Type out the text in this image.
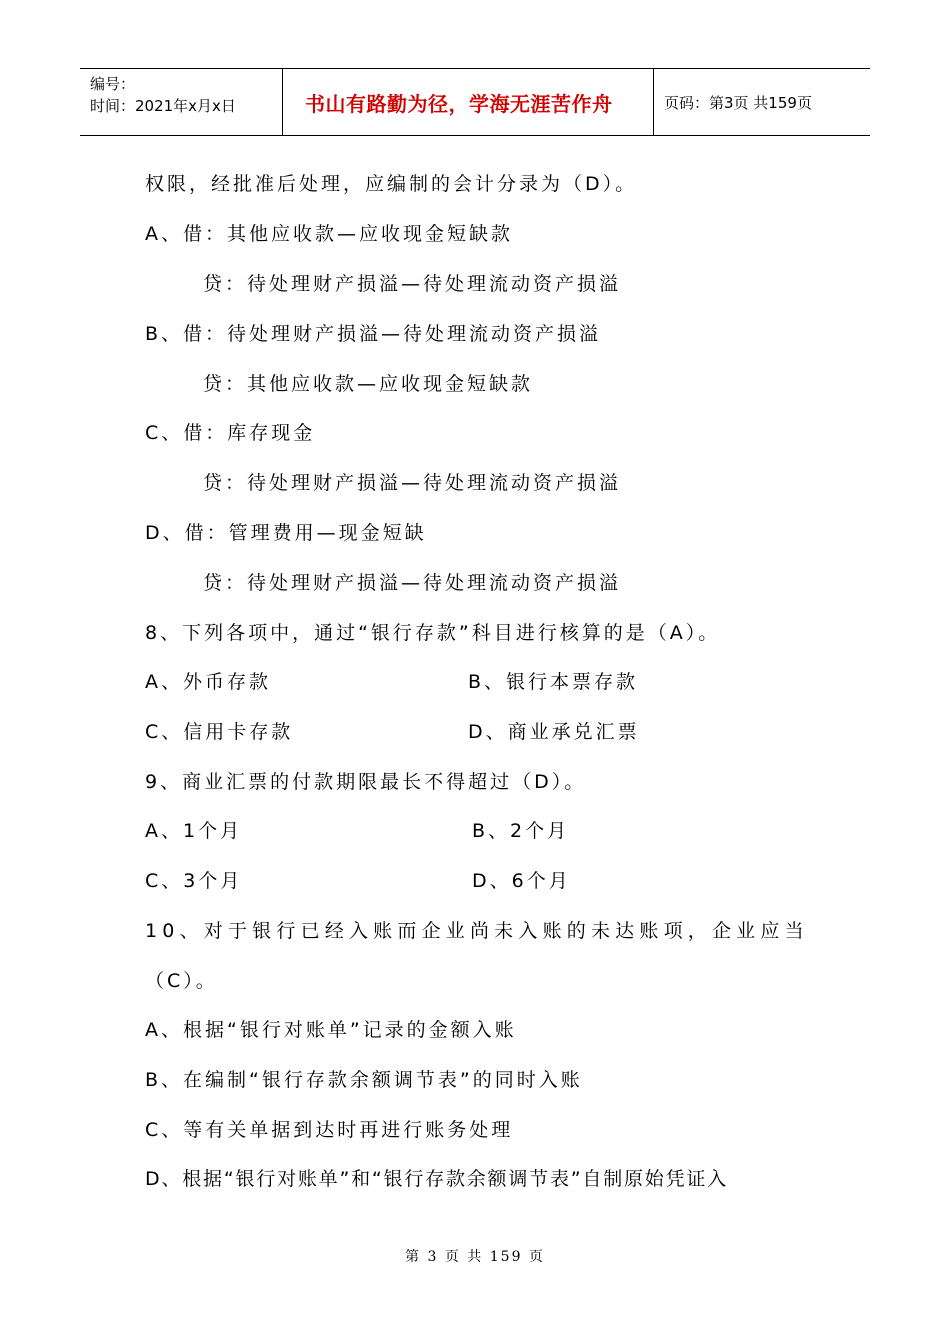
编号：
时间：2021年x月x日	书山有路勤为径，学海无涯苦作舟	页码：第3页 共159页
权限，经批准后处理，应编制的会计分录为（D）。
A、借：其他应收款—应收现金短缺款
贷：待处理财产损溢—待处理流动资产损溢
B、借：待处理财产损溢—待处理流动资产损溢
贷：其他应收款—应收现金短缺款
C、借：库存现金
贷：待处理财产损溢—待处理流动资产损溢
D、借：管理费用—现金短缺
贷：待处理财产损溢—待处理流动资产损溢
8、下列各项中，通过“银行存款”科目进行核算的是（A）。
A、外币存款	B、银行本票存款
C、信用卡存款	D、商业承兑汇票
9、商业汇票的付款期限最长不得超过（D）。
A、1个月	B、2个月
C、3个月	D、6个月
10、对于银行已经入账而企业尚未入账的未达账项，企业应当
（C）。
A、根据“银行对账单”记录的金额入账
B、在编制“银行存款余额调节表”的同时入账
C、等有关单据到达时再进行账务处理
D、根据“银行对账单”和“银行存款余额调节表”自制原始凭证入
第 3 页 共 159 页
